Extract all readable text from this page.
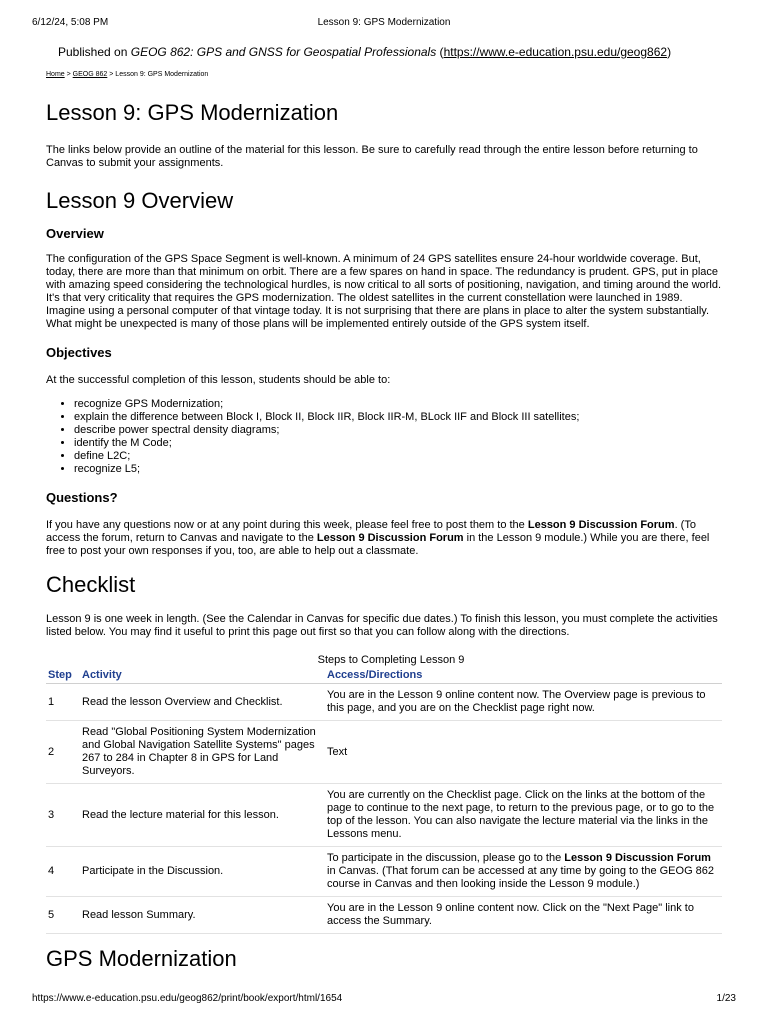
6/12/24, 5:08 PM	Lesson 9: GPS Modernization
Published on GEOG 862: GPS and GNSS for Geospatial Professionals (https://www.e-education.psu.edu/geog862)
Home > GEOG 862 > Lesson 9: GPS Modernization
Lesson 9: GPS Modernization

The links below provide an outline of the material for this lesson. Be sure to carefully read through the entire lesson before returning to Canvas to submit your assignments.

Lesson 9 Overview
Overview

The configuration of the GPS Space Segment is well-known. A minimum of 24 GPS satellites ensure 24-hour worldwide coverage. But, today, there are more than that minimum on orbit. There are a few spares on hand in space. The redundancy is prudent. GPS, put in place with amazing speed considering the technological hurdles, is now critical to all sorts of positioning, navigation, and timing around the world. It's that very criticality that requires the GPS modernization. The oldest satellites in the current constellation were launched in 1989. Imagine using a personal computer of that vintage today. It is not surprising that there are plans in place to alter the system substantially. What might be unexpected is many of those plans will be implemented entirely outside of the GPS system itself.

Objectives

At the successful completion of this lesson, students should be able to:

• recognize GPS Modernization;
• explain the difference between Block I, Block II, Block IIR, Block IIR-M, BLock IIF and Block III satellites;
• describe power spectral density diagrams;
• identify the M Code;
• define L2C;
• recognize L5;
Questions?

If you have any questions now or at any point during this week, please feel free to post them to the Lesson 9 Discussion Forum. (To access the forum, return to Canvas and navigate to the Lesson 9 Discussion Forum in the Lesson 9 module.) While you are there, feel free to post your own responses if you, too, are able to help out a classmate.

Checklist

Lesson 9 is one week in length. (See the Calendar in Canvas for specific due dates.) To finish this lesson, you must complete the activities listed below. You may find it useful to print this page out first so that you can follow along with the directions.

Steps to Completing Lesson 9
Step	Activity	Access/Directions
1	Read the lesson Overview and Checklist.	You are in the Lesson 9 online content now. The Overview page is previous to this page, and you are on the Checklist page right now.
2	Read "Global Positioning System Modernization and Global Navigation Satellite Systems" pages 267 to 284 in Chapter 8 in GPS for Land Surveyors.	Text
3	Read the lecture material for this lesson.	You are currently on the Checklist page. Click on the links at the bottom of the page to continue to the next page, to return to the previous page, or to go to the top of the lesson. You can also navigate the lecture material via the links in the Lessons menu.
4	Participate in the Discussion.	To participate in the discussion, please go to the Lesson 9 Discussion Forum in Canvas. (That forum can be accessed at any time by going to the GEOG 862 course in Canvas and then looking inside the Lesson 9 module.)
5	Read lesson Summary.	You are in the Lesson 9 online content now. Click on the "Next Page" link to access the Summary.
GPS Modernization
https://www.e-education.psu.edu/geog862/print/book/export/html/1654	1/23
